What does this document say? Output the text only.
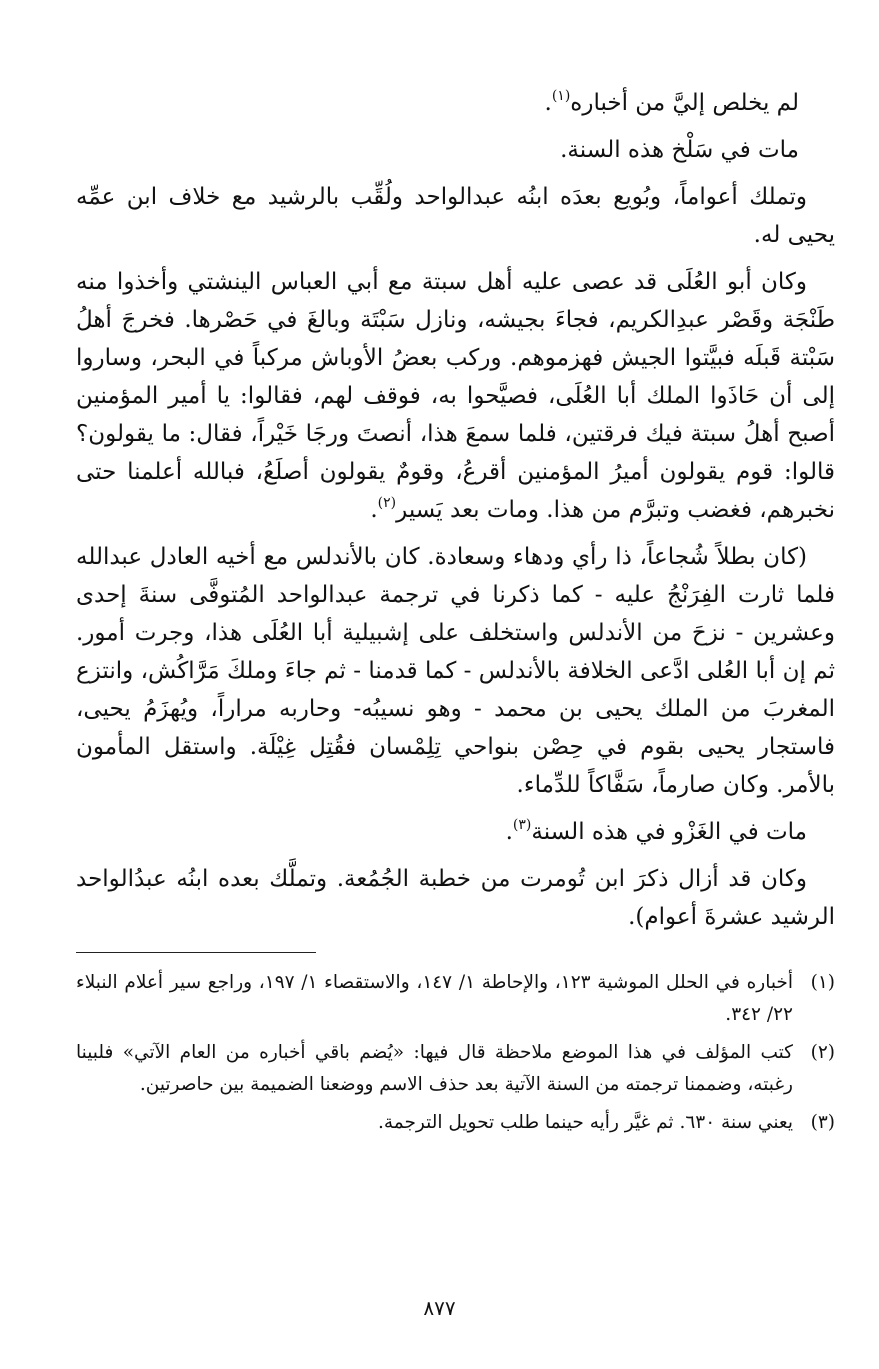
لم يخلص إليَّ من أخباره$^{(١)}$.

مات في سَلْخ هذه السنة.

وتملك أعواماً، وبُويع بعدَه ابنُه عبدالواحد ولُقِّب بالرشيد مع خلاف ابن عمِّه يحيى له.

وكان أبو العُلَى قد عصى عليه أهل سبتة مع أبي العباس الينشتي وأخذوا منه طَنْجَة وقَصْر عبدِالكريم، فجاءَ بجيشه، ونازل سَبْتَة وبالغَ في حَصْرها. فخرجَ أهلُ سَبْتة قَبلَه فبيَّتوا الجيش فهزموهم. وركب بعضُ الأوباش مركباً في البحر، وساروا إلى أن حَاذَوا الملك أبا العُلَى، فصيَّحوا به، فوقف لهم، فقالوا: يا أمير المؤمنين أصبح أهلُ سبتة فيك فرقتين، فلما سمعَ هذا، أنصتَ ورجَا خَيْراً، فقال: ما يقولون؟ قالوا: قوم يقولون أميرُ المؤمنين أقرعُ، وقومٌ يقولون أصلَعُ، فبالله أعلمنا حتى نخبرهم، فغضب وتبرَّم من هذا. ومات بعد يَسير$^{(٢)}$.

(كان بطلاً شُجاعاً، ذا رأي ودهاء وسعادة. كان بالأندلس مع أخيه العادل عبدالله فلما ثارت الفِرَنْجُ عليه - كما ذكرنا في ترجمة عبدالواحد المُتوفَّى سنةَ إحدى وعشرين - نزحَ من الأندلس واستخلف على إشبيلية أبا العُلَى هذا، وجرت أمور. ثم إن أبا العُلى ادَّعى الخلافة بالأندلس - كما قدمنا - ثم جاءَ وملكَ مَرَّاكُش، وانتزع المغربَ من الملك يحيى بن محمد - وهو نسيبُه- وحاربه مراراً، ويُهزَمُ يحيى، فاستجار يحيى بقوم في حِصْن بنواحي تِلِمْسان فقُتِل غِيْلَة. واستقل المأمون بالأمر. وكان صارماً، سَفَّاكاً للدِّماء.

مات في الغَزْو في هذه السنة$^{(٣)}$.

وكان قد أزال ذكرَ ابن تُومرت من خطبة الجُمُعة. وتملَّك بعده ابنُه عبدُالواحد الرشيد عشرةَ أعوام).

(١)
أخباره في الحلل الموشية ١٢٣، والإحاطة ١/ ١٤٧، والاستقصاء ١/ ١٩٧، وراجع سير أعلام النبلاء ٢٢/ ٣٤٢.
(٢)
كتب المؤلف في هذا الموضع ملاحظة قال فيها: «يُضم باقي أخباره من العام الآتي» فلبينا رغبته، وضممنا ترجمته من السنة الآتية بعد حذف الاسم ووضعنا الضميمة بين حاصرتين.
(٣)
يعني سنة ٦٣٠. ثم غيَّر رأيه حينما طلب تحويل الترجمة.
٨٧٧
